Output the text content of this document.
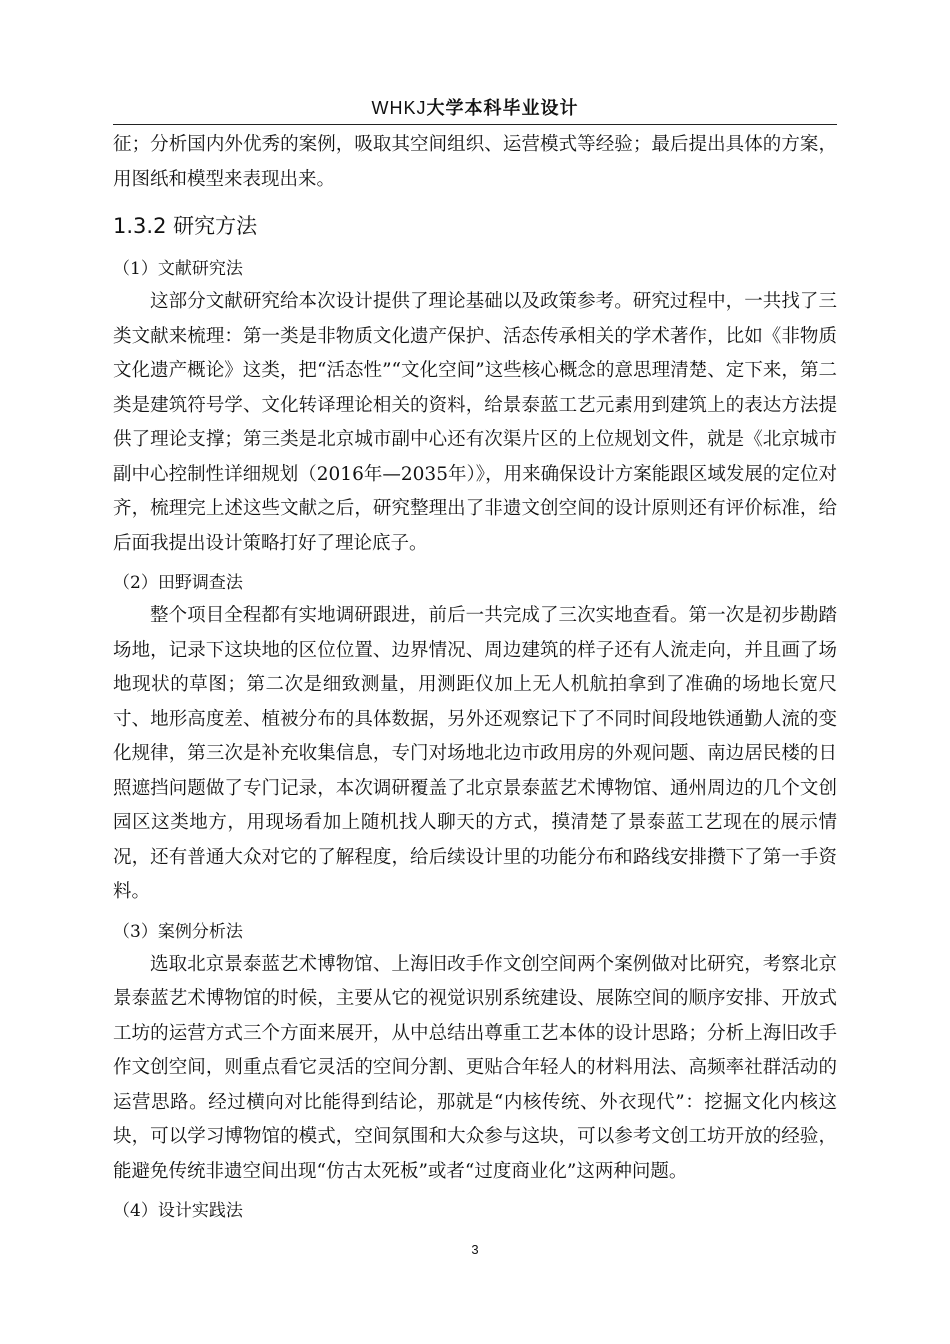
WHKJ大学本科毕业设计

征；分析国内外优秀的案例，吸取其空间组织、运营模式等经验；最后提出具体的方案，用图纸和模型来表现出来。

1.3.2 研究方法
（1）文献研究法

这部分文献研究给本次设计提供了理论基础以及政策参考。研究过程中，一共找了三类文献来梳理：第一类是非物质文化遗产保护、活态传承相关的学术著作，比如《非物质文化遗产概论》这类，把“活态性”“文化空间”这些核心概念的意思理清楚、定下来，第二类是建筑符号学、文化转译理论相关的资料，给景泰蓝工艺元素用到建筑上的表达方法提供了理论支撑；第三类是北京城市副中心还有次渠片区的上位规划文件，就是《北京城市副中心控制性详细规划（2016年—2035年）》，用来确保设计方案能跟区域发展的定位对齐，梳理完上述这些文献之后，研究整理出了非遗文创空间的设计原则还有评价标准，给后面我提出设计策略打好了理论底子。

（2）田野调查法

整个项目全程都有实地调研跟进，前后一共完成了三次实地查看。第一次是初步勘踏场地，记录下这块地的区位位置、边界情况、周边建筑的样子还有人流走向，并且画了场地现状的草图；第二次是细致测量，用测距仪加上无人机航拍拿到了准确的场地长宽尺寸、地形高度差、植被分布的具体数据，另外还观察记下了不同时间段地铁通勤人流的变化规律，第三次是补充收集信息，专门对场地北边市政用房的外观问题、南边居民楼的日照遮挡问题做了专门记录，本次调研覆盖了北京景泰蓝艺术博物馆、通州周边的几个文创园区这类地方，用现场看加上随机找人聊天的方式，摸清楚了景泰蓝工艺现在的展示情况，还有普通大众对它的了解程度，给后续设计里的功能分布和路线安排攒下了第一手资料。

（3）案例分析法

选取北京景泰蓝艺术博物馆、上海旧改手作文创空间两个案例做对比研究，考察北京景泰蓝艺术博物馆的时候，主要从它的视觉识别系统建设、展陈空间的顺序安排、开放式工坊的运营方式三个方面来展开，从中总结出尊重工艺本体的设计思路；分析上海旧改手作文创空间，则重点看它灵活的空间分割、更贴合年轻人的材料用法、高频率社群活动的运营思路。经过横向对比能得到结论，那就是“内核传统、外衣现代”：挖掘文化内核这块，可以学习博物馆的模式，空间氛围和大众参与这块，可以参考文创工坊开放的经验，能避免传统非遗空间出现“仿古太死板”或者“过度商业化”这两种问题。

（4）设计实践法
3
